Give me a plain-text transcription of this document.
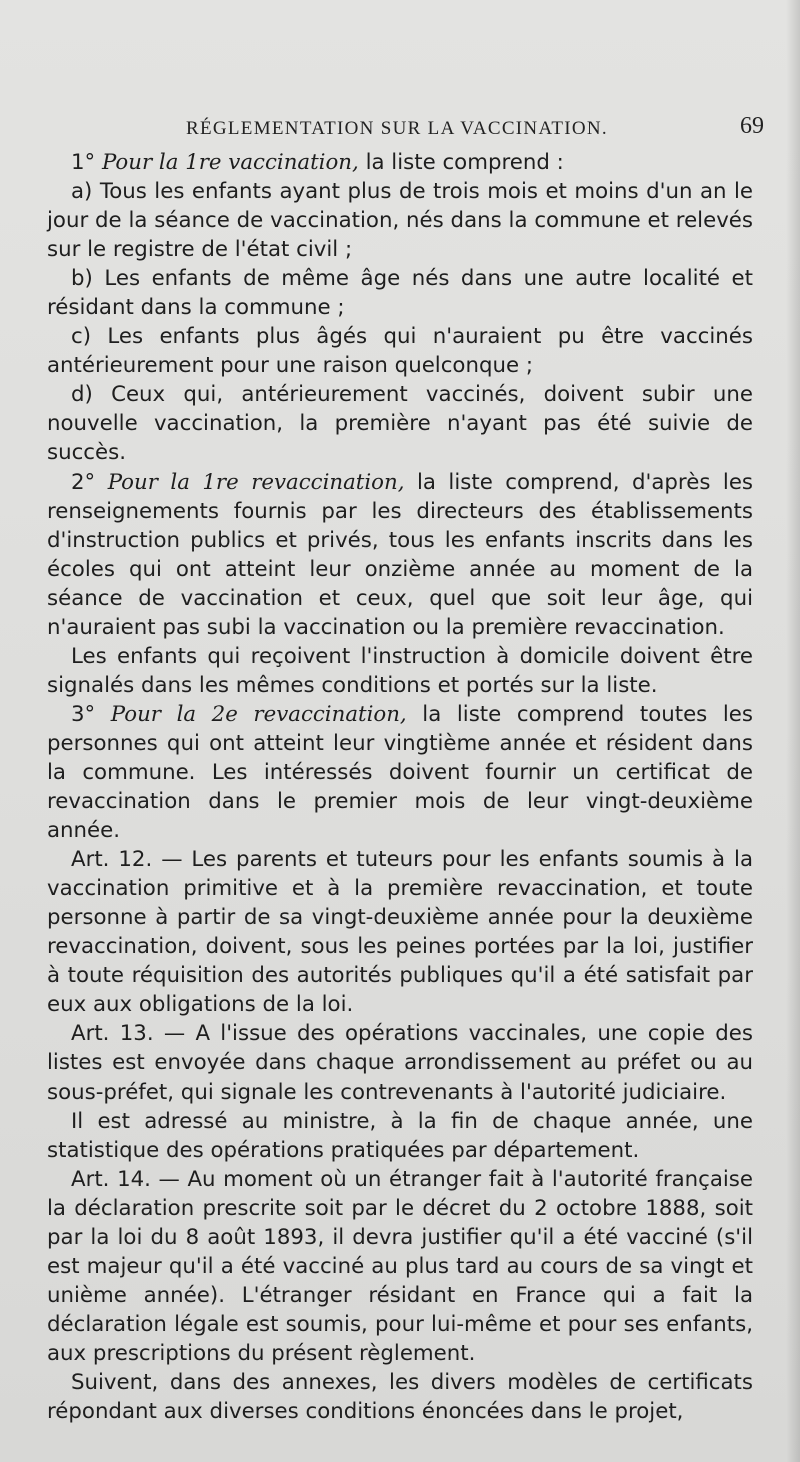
RÉGLEMENTATION SUR LA VACCINATION.	69

1° Pour la 1re vaccination, la liste comprend :

a) Tous les enfants ayant plus de trois mois et moins d'un an le jour de la séance de vaccination, nés dans la commune et relevés sur le registre de l'état civil ;

b) Les enfants de même âge nés dans une autre localité et résidant dans la commune ;

c) Les enfants plus âgés qui n'auraient pu être vaccinés antérieurement pour une raison quelconque ;

d) Ceux qui, antérieurement vaccinés, doivent subir une nouvelle vaccination, la première n'ayant pas été suivie de succès.

2° Pour la 1re revaccination, la liste comprend, d'après les renseignements fournis par les directeurs des établissements d'instruction publics et privés, tous les enfants inscrits dans les écoles qui ont atteint leur onzième année au moment de la séance de vaccination et ceux, quel que soit leur âge, qui n'auraient pas subi la vaccination ou la première revaccination.

Les enfants qui reçoivent l'instruction à domicile doivent être signalés dans les mêmes conditions et portés sur la liste.

3° Pour la 2e revaccination, la liste comprend toutes les personnes qui ont atteint leur vingtième année et résident dans la commune. Les intéressés doivent fournir un certificat de revaccination dans le premier mois de leur vingt-deuxième année.

Art. 12. — Les parents et tuteurs pour les enfants soumis à la vaccination primitive et à la première revaccination, et toute personne à partir de sa vingt-deuxième année pour la deuxième revaccination, doivent, sous les peines portées par la loi, justifier à toute réquisition des autorités publiques qu'il a été satisfait par eux aux obligations de la loi.

Art. 13. — A l'issue des opérations vaccinales, une copie des listes est envoyée dans chaque arrondissement au préfet ou au sous-préfet, qui signale les contrevenants à l'autorité judiciaire.

Il est adressé au ministre, à la fin de chaque année, une statistique des opérations pratiquées par département.

Art. 14. — Au moment où un étranger fait à l'autorité française la déclaration prescrite soit par le décret du 2 octobre 1888, soit par la loi du 8 août 1893, il devra justifier qu'il a été vacciné (s'il est majeur qu'il a été vacciné au plus tard au cours de sa vingt et unième année). L'étranger résidant en France qui a fait la déclaration légale est soumis, pour lui-même et pour ses enfants, aux prescriptions du présent règlement.

Suivent, dans des annexes, les divers modèles de certificats répondant aux diverses conditions énoncées dans le projet,
